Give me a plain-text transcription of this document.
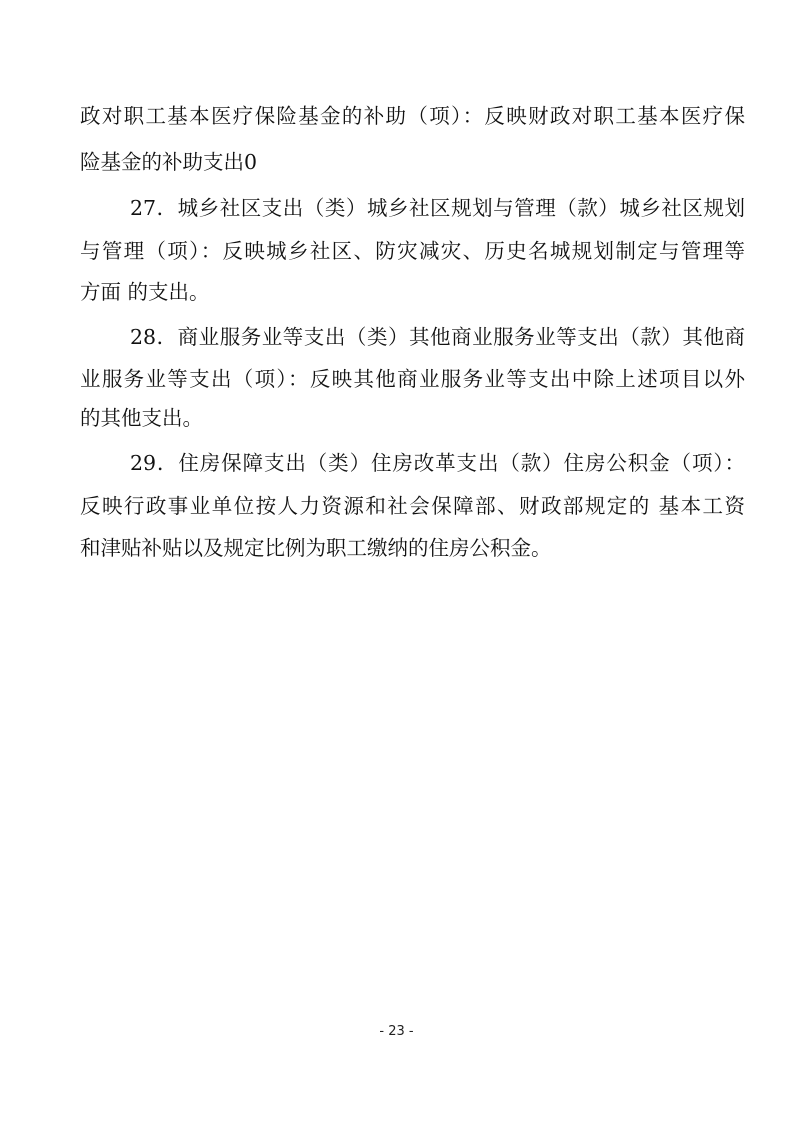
政对职工基本医疗保险基金的补助（项）：反映财政对职工基本医疗保
险基金的补助支出0
27．城乡社区支出（类）城乡社区规划与管理（款）城乡社区规划
与管理（项）：反映城乡社区、防灾减灾、历史名城规划制定与管理等
方面 的支出。
28．商业服务业等支出（类）其他商业服务业等支出（款）其他商
业服务业等支出（项）：反映其他商业服务业等支出中除上述项目以外
的其他支出。
29．住房保障支出（类）住房改革支出（款）住房公积金（项）：
反映行政事业单位按人力资源和社会保障部、财政部规定的 基本工资
和津贴补贴以及规定比例为职工缴纳的住房公积金。
- 23 -
